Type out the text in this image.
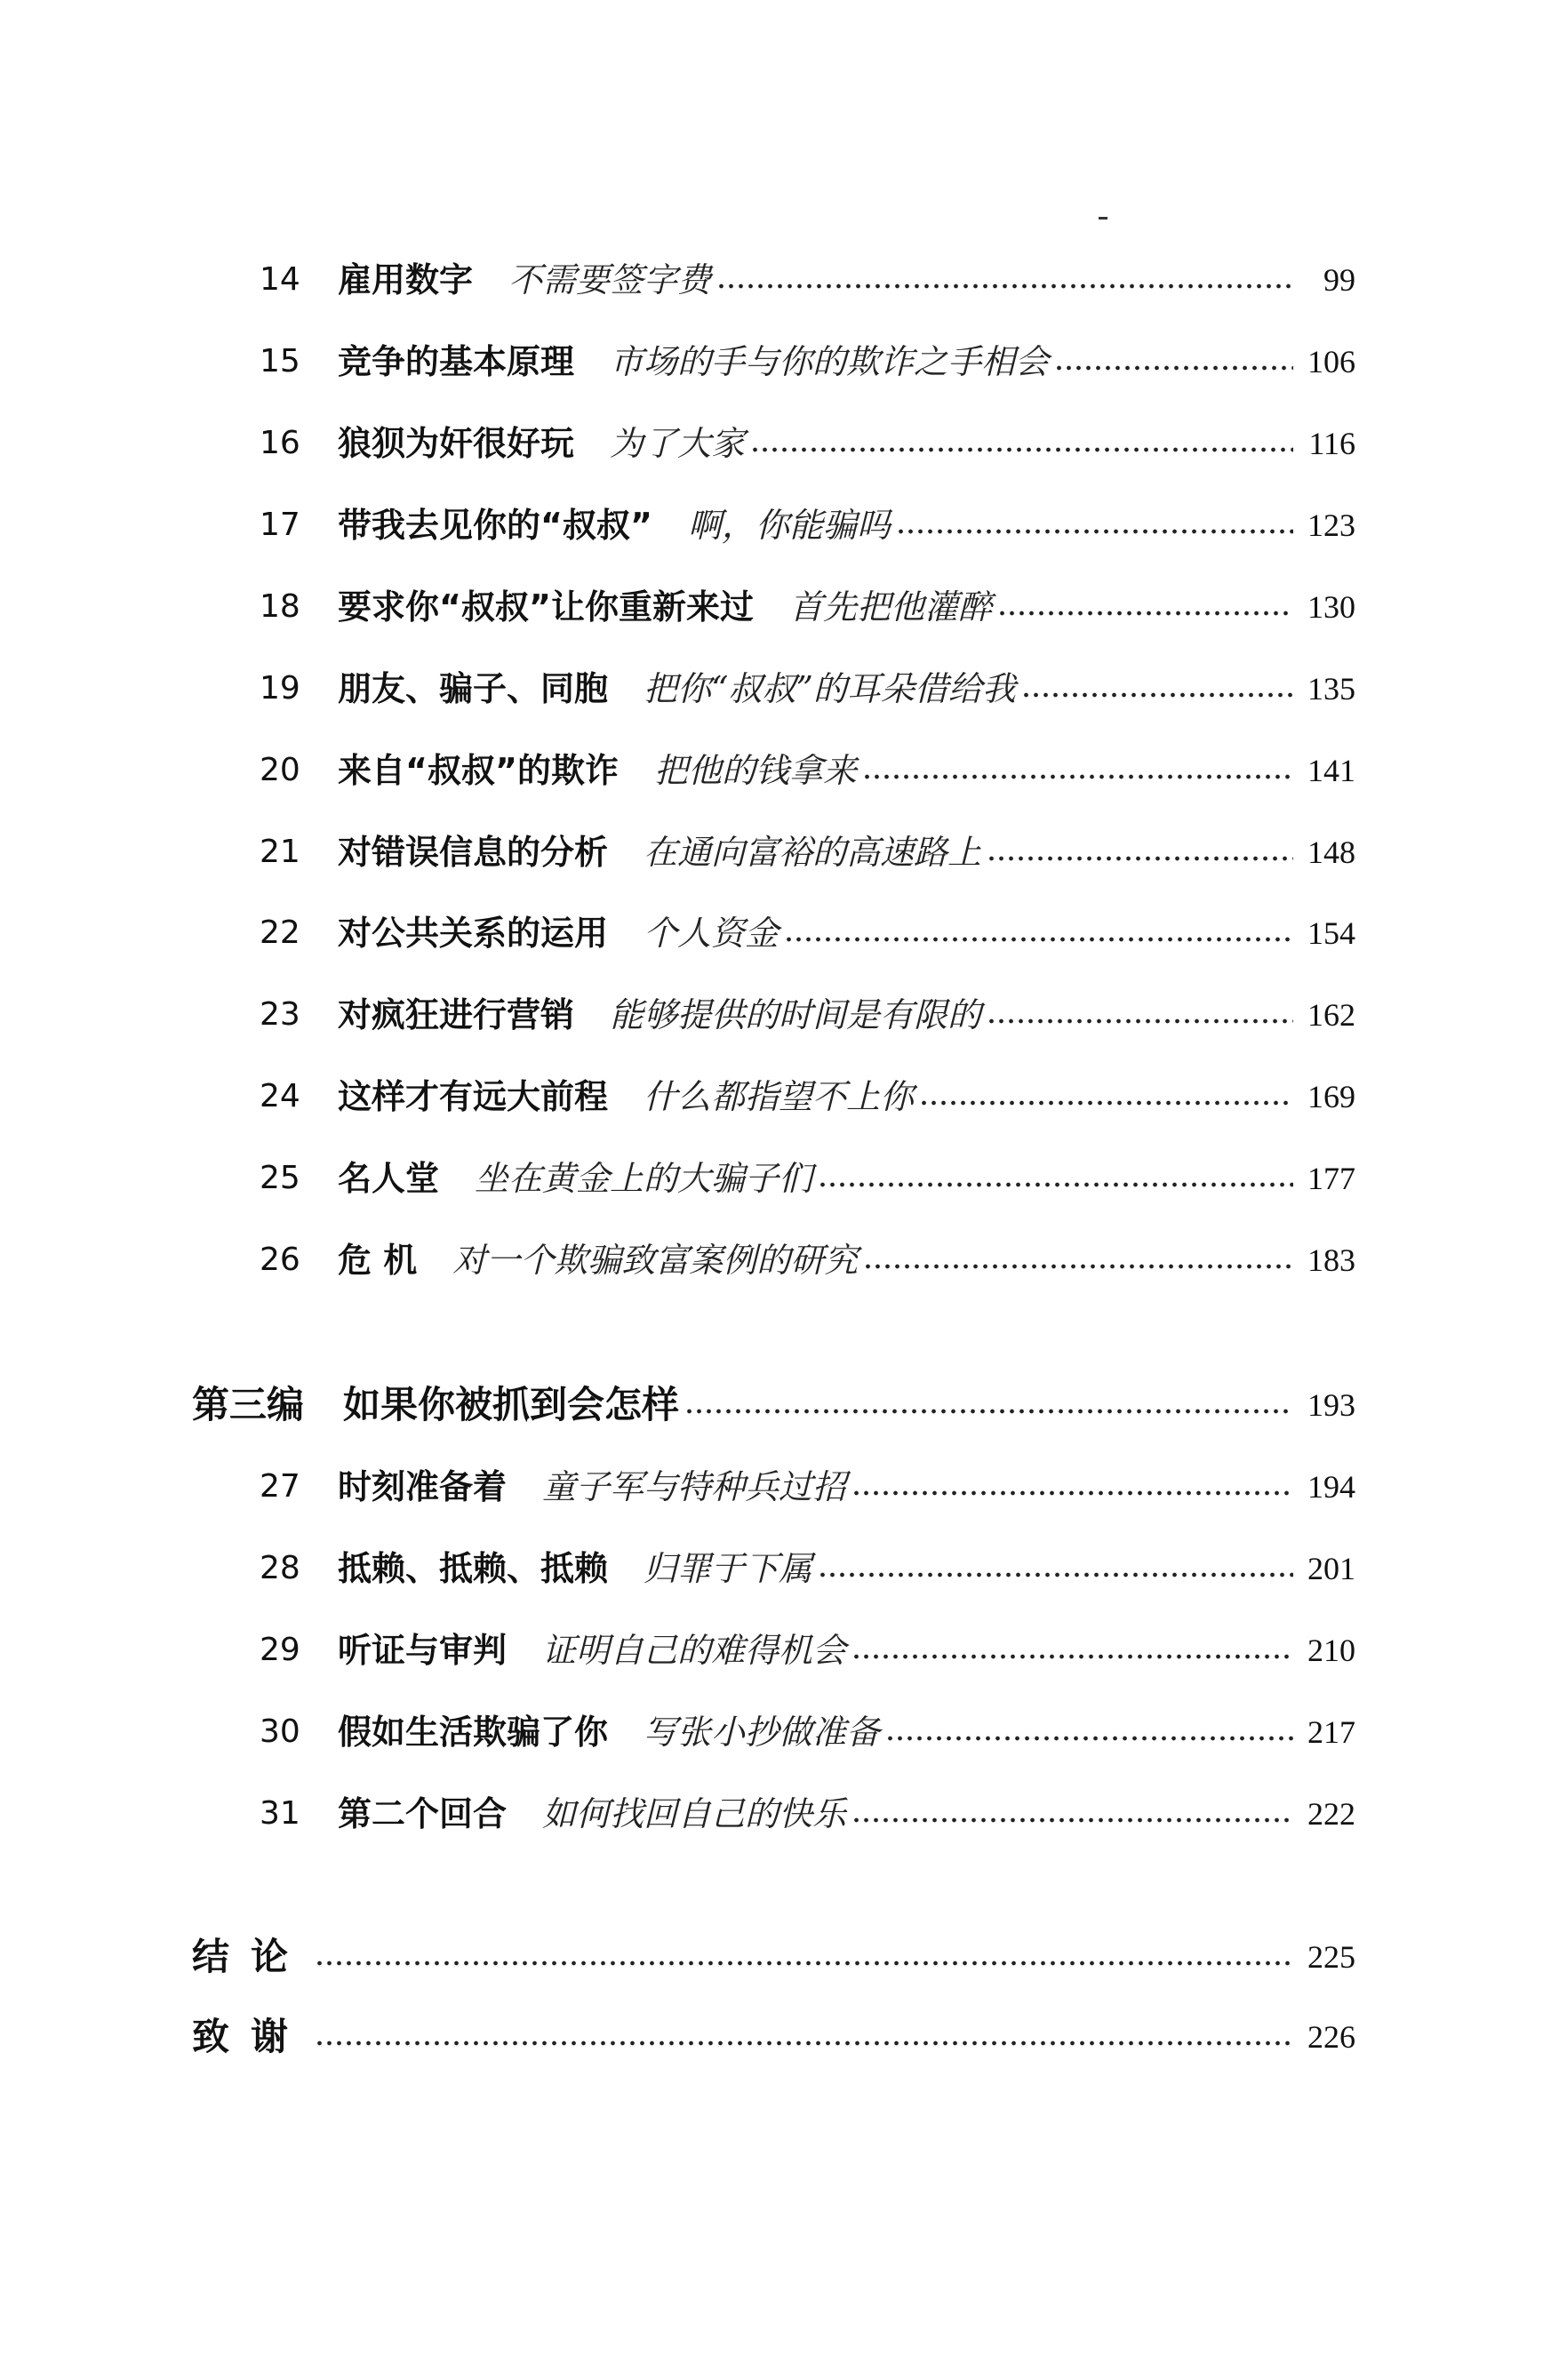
14	雇用数字 不需要签字费	99
15	竞争的基本原理 市场的手与你的欺诈之手相会	106
16	狼狈为奸很好玩 为了大家	116
17	带我去见你的“叔叔” 啊，你能骗吗	123
18	要求你“叔叔”让你重新来过 首先把他灌醉	130
19	朋友、骗子、同胞 把你“叔叔”的耳朵借给我	135
20	来自“叔叔”的欺诈 把他的钱拿来	141
21	对错误信息的分析 在通向富裕的高速路上	148
22	对公共关系的运用 个人资金	154
23	对疯狂进行营销 能够提供的时间是有限的	162
24	这样才有远大前程 什么都指望不上你	169
25	名人堂 坐在黄金上的大骗子们	177
26	危 机 对一个欺骗致富案例的研究	183
第三编 如果你被抓到会怎样	193
27	时刻准备着 童子军与特种兵过招	194
28	抵赖、抵赖、抵赖 归罪于下属	201
29	听证与审判 证明自己的难得机会	210
30	假如生活欺骗了你 写张小抄做准备	217
31	第二个回合 如何找回自己的快乐	222
结论	225
致谢	226
